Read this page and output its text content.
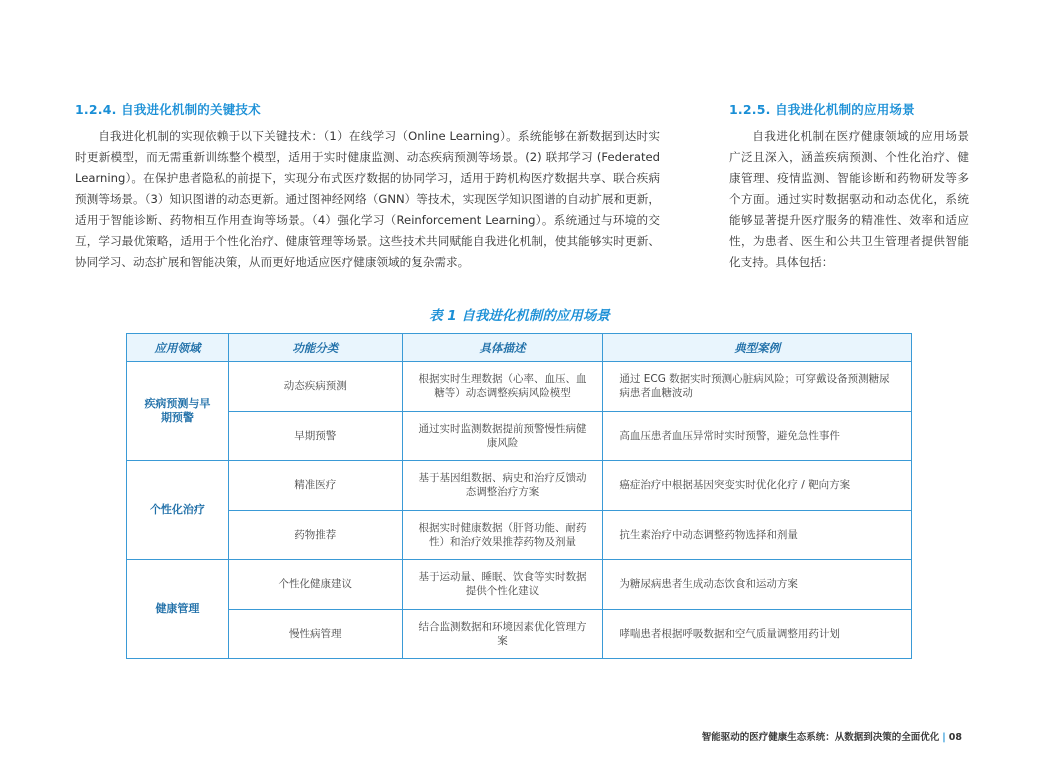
1.2.4. 自我进化机制的关键技术

自我进化机制的实现依赖于以下关键技术：（1）在线学习（Online Learning）。系统能够在新数据到达时实时更新模型，而无需重新训练整个模型，适用于实时健康监测、动态疾病预测等场景。(2) 联邦学习 (Federated Learning）。在保护患者隐私的前提下，实现分布式医疗数据的协同学习，适用于跨机构医疗数据共享、联合疾病预测等场景。（3）知识图谱的动态更新。通过图神经网络（GNN）等技术，实现医学知识图谱的自动扩展和更新，适用于智能诊断、药物相互作用查询等场景。（4）强化学习（Reinforcement Learning）。系统通过与环境的交互，学习最优策略，适用于个性化治疗、健康管理等场景。这些技术共同赋能自我进化机制，使其能够实时更新、协同学习、动态扩展和智能决策，从而更好地适应医疗健康领域的复杂需求。

1.2.5. 自我进化机制的应用场景

自我进化机制在医疗健康领域的应用场景广泛且深入，涵盖疾病预测、个性化治疗、健康管理、疫情监测、智能诊断和药物研发等多个方面。通过实时数据驱动和动态优化，系统能够显著提升医疗服务的精准性、效率和适应性，为患者、医生和公共卫生管理者提供智能化支持。具体包括：

表 1 自我进化机制的应用场景
应用领域	功能分类	具体描述	典型案例
疾病预测与早期预警	动态疾病预测	根据实时生理数据（心率、血压、血糖等）动态调整疾病风险模型	通过 ECG 数据实时预测心脏病风险；可穿戴设备预测糖尿病患者血糖波动
	早期预警	通过实时监测数据提前预警慢性病健康风险	高血压患者血压异常时实时预警，避免急性事件
个性化治疗	精准医疗	基于基因组数据、病史和治疗反馈动态调整治疗方案	癌症治疗中根据基因突变实时优化化疗 / 靶向方案
	药物推荐	根据实时健康数据（肝肾功能、耐药性）和治疗效果推荐药物及剂量	抗生素治疗中动态调整药物选择和剂量
健康管理	个性化健康建议	基于运动量、睡眠、饮食等实时数据提供个性化建议	为糖尿病患者生成动态饮食和运动方案
	慢性病管理	结合监测数据和环境因素优化管理方案	哮喘患者根据呼吸数据和空气质量调整用药计划
智能驱动的医疗健康生态系统：从数据到决策的全面优化 | 08
